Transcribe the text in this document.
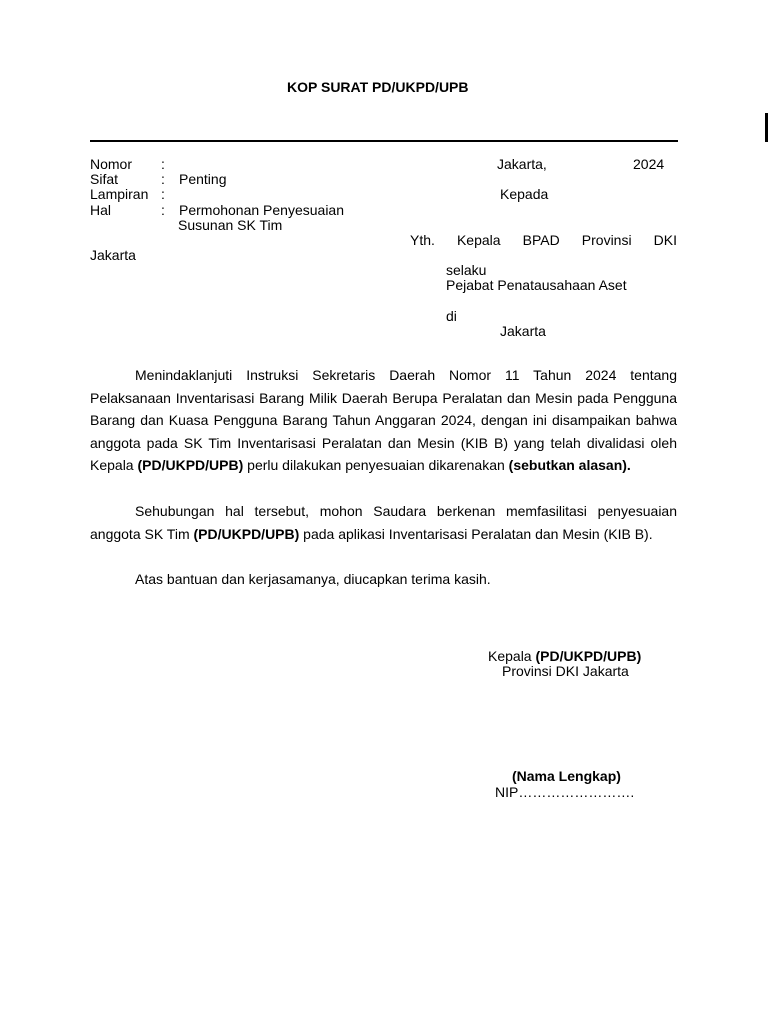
KOP SURAT PD/UKPD/UPB
Nomor
Sifat
Lampiran
Hal
:
:
:
:
Penting
Permohonan Penyesuaian
Susunan SK Tim
Jakarta,	2024
Kepada
Yth. Kepala BPAD Provinsi DKI
Jakarta
selaku
Pejabat Penatausahaan Aset
di
Jakarta
Menindaklanjuti Instruksi Sekretaris Daerah Nomor 11 Tahun 2024 tentang Pelaksanaan Inventarisasi Barang Milik Daerah Berupa Peralatan dan Mesin pada Pengguna Barang dan Kuasa Pengguna Barang Tahun Anggaran 2024, dengan ini disampaikan bahwa anggota pada SK Tim Inventarisasi Peralatan dan Mesin (KIB B) yang telah divalidasi oleh Kepala (PD/UKPD/UPB) perlu dilakukan penyesuaian dikarenakan (sebutkan alasan).
Sehubungan hal tersebut, mohon Saudara berkenan memfasilitasi penyesuaian anggota SK Tim (PD/UKPD/UPB) pada aplikasi Inventarisasi Peralatan dan Mesin (KIB B).
Atas bantuan dan kerjasamanya, diucapkan terima kasih.
Kepala (PD/UKPD/UPB)
Provinsi DKI Jakarta
(Nama Lengkap)
NIP…………………….
